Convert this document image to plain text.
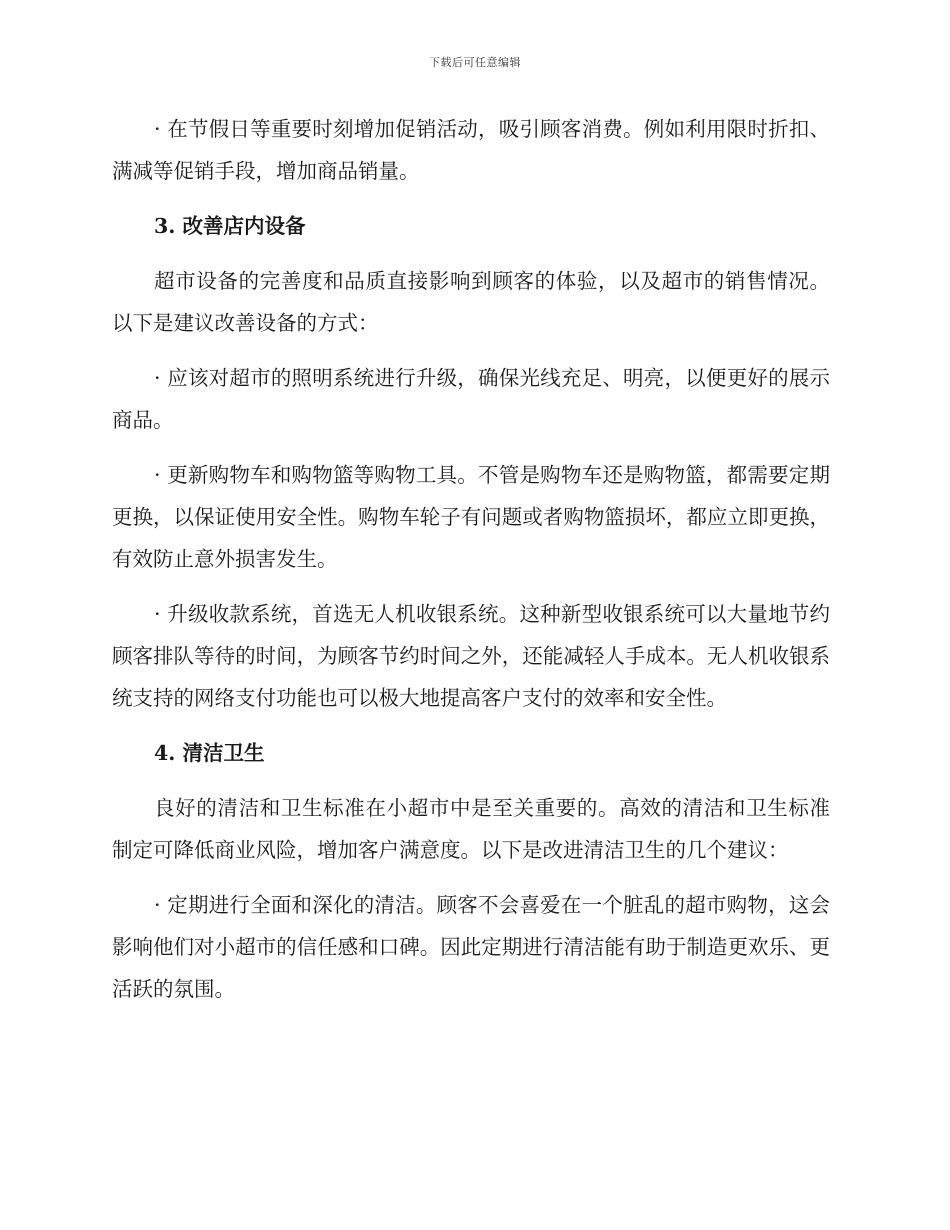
下载后可任意编辑

· 在节假日等重要时刻增加促销活动，吸引顾客消费。例如利用限时折扣、满减等促销手段，增加商品销量。

3. 改善店内设备

超市设备的完善度和品质直接影响到顾客的体验，以及超市的销售情况。以下是建议改善设备的方式：

· 应该对超市的照明系统进行升级，确保光线充足、明亮，以便更好的展示商品。

· 更新购物车和购物篮等购物工具。不管是购物车还是购物篮，都需要定期更换，以保证使用安全性。购物车轮子有问题或者购物篮损坏，都应立即更换，有效防止意外损害发生。

· 升级收款系统，首选无人机收银系统。这种新型收银系统可以大量地节约顾客排队等待的时间，为顾客节约时间之外，还能减轻人手成本。无人机收银系统支持的网络支付功能也可以极大地提高客户支付的效率和安全性。

4. 清洁卫生

良好的清洁和卫生标准在小超市中是至关重要的。高效的清洁和卫生标准制定可降低商业风险，增加客户满意度。以下是改进清洁卫生的几个建议：

· 定期进行全面和深化的清洁。顾客不会喜爱在一个脏乱的超市购物，这会影响他们对小超市的信任感和口碑。因此定期进行清洁能有助于制造更欢乐、更活跃的氛围。
